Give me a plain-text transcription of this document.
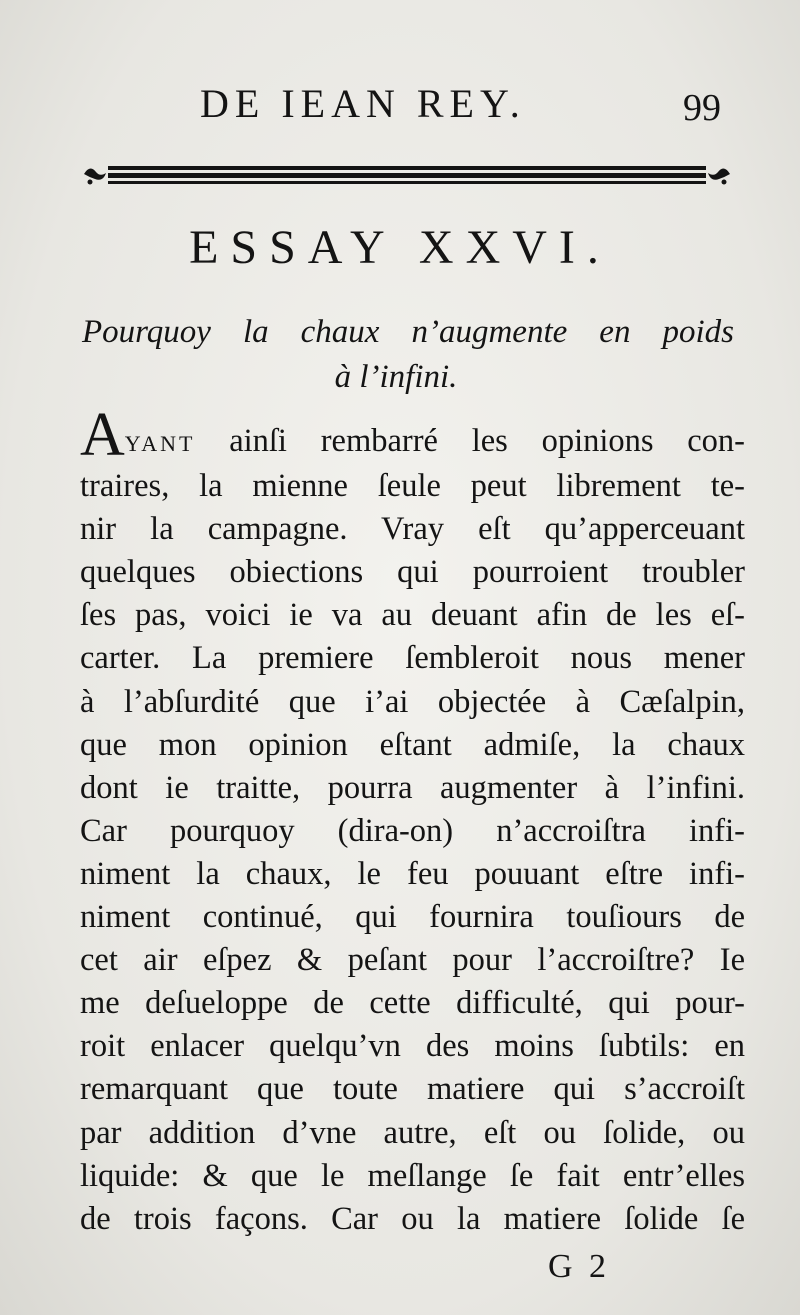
DE IEAN REY.	99
ESSAY XXVI.
Pourquoy la chaux n’augmente en poids
à l’infini.
AYANT ainſi rembarré les opinions con-
traires, la mienne ſeule peut librement te-
nir la campagne. Vray eſt qu’apperceuant
quelques obiections qui pourroient troubler
ſes pas, voici ie va au deuant afin de les eſ-
carter. La premiere ſembleroit nous mener
à l’abſurdité que i’ai objectée à Cæſalpin,
que mon opinion eſtant admiſe, la chaux
dont ie traitte, pourra augmenter à l’infini.
Car pourquoy (dira-on) n’accroiſtra infi-
niment la chaux, le feu pouuant eſtre infi-
niment continué, qui fournira touſiours de
cet air eſpez & peſant pour l’accroiſtre? Ie
me deſueloppe de cette difficulté, qui pour-
roit enlacer quelqu’vn des moins ſubtils: en
remarquant que toute matiere qui s’accroiſt
par addition d’vne autre, eſt ou ſolide, ou
liquide: & que le meſlange ſe fait entr’elles
de trois façons. Car ou la matiere ſolide ſe
G 2
